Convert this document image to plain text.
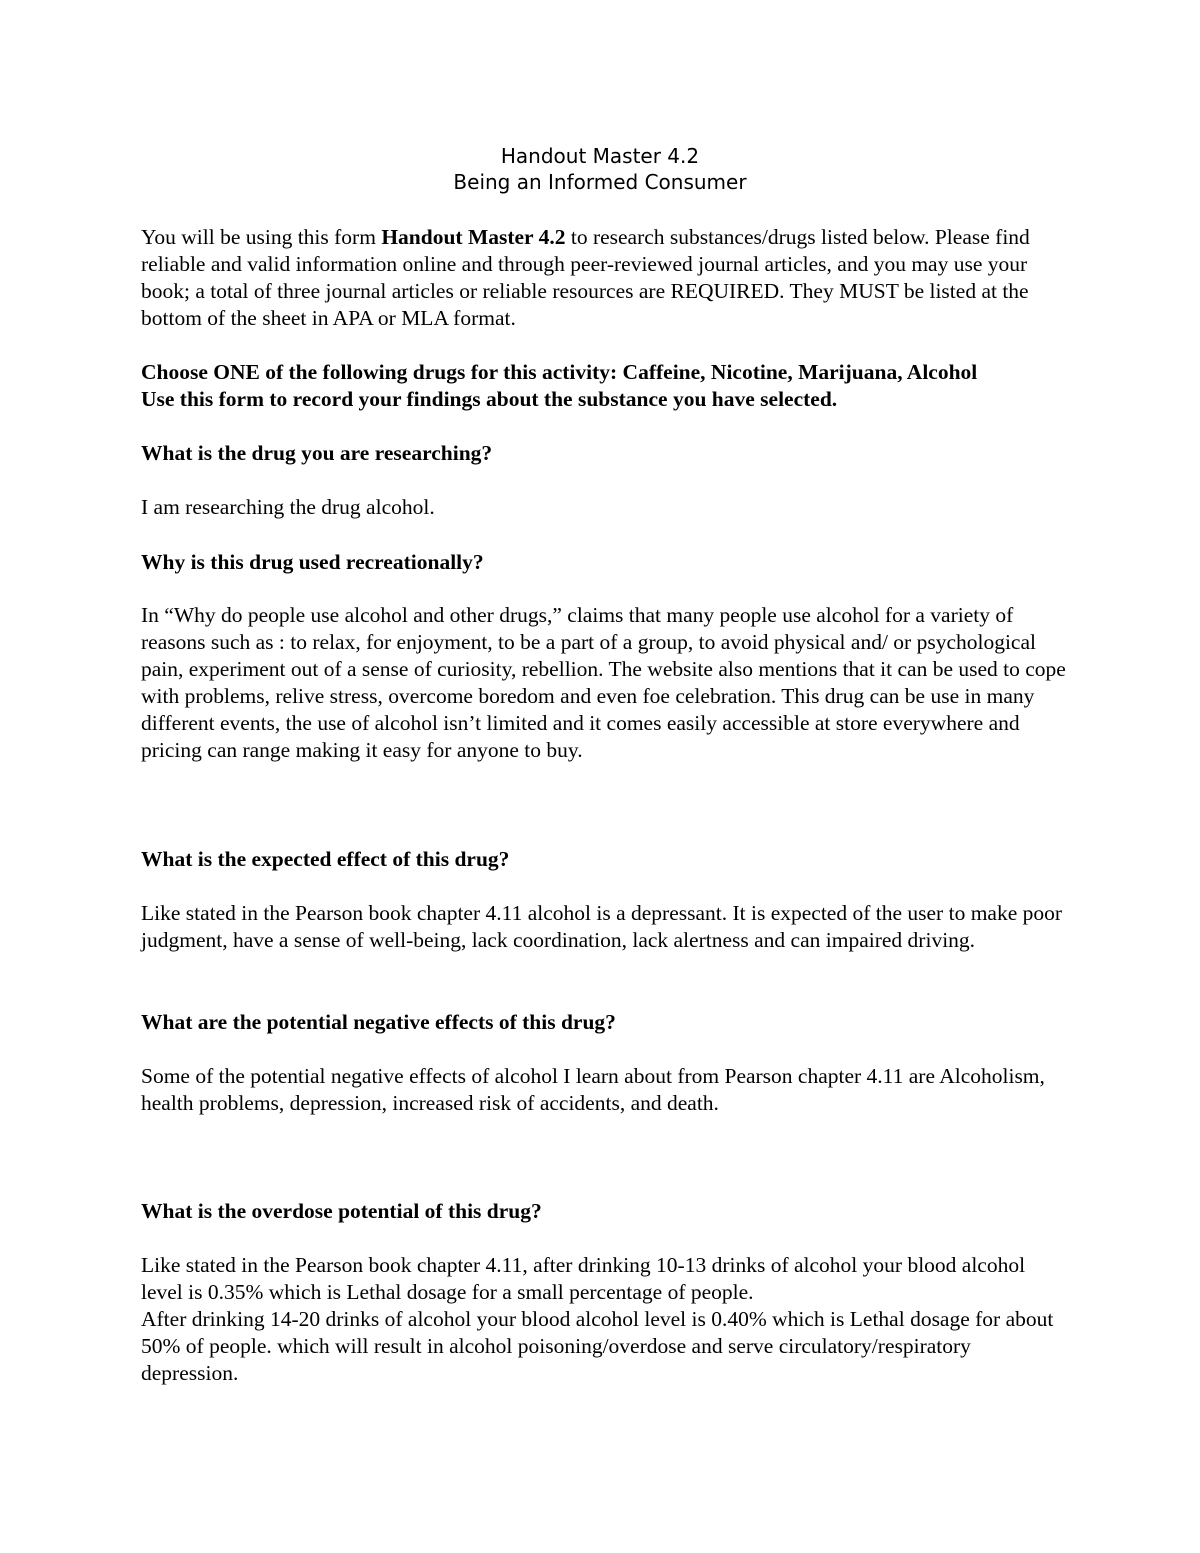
Handout Master 4.2
Being an Informed Consumer

You will be using this form Handout Master 4.2 to research substances/drugs listed below. Please find reliable and valid information online and through peer-reviewed journal articles, and you may use your book; a total of three journal articles or reliable resources are REQUIRED. They MUST be listed at the bottom of the sheet in APA or MLA format.

Choose ONE of the following drugs for this activity: Caffeine, Nicotine, Marijuana, Alcohol
Use this form to record your findings about the substance you have selected.

What is the drug you are researching?

I am researching the drug alcohol.

Why is this drug used recreationally?

In “Why do people use alcohol and other drugs,” claims that many people use alcohol for a variety of reasons such as : to relax, for enjoyment, to be a part of a group, to avoid physical and/ or psychological pain, experiment out of a sense of curiosity, rebellion. The website also mentions that it can be used to cope with problems, relive stress, overcome boredom and even foe celebration. This drug can be use in many different events, the use of alcohol isn’t limited and it comes easily accessible at store everywhere and pricing can range making it easy for anyone to buy.

What is the expected effect of this drug?

Like stated in the Pearson book chapter 4.11 alcohol is a depressant. It is expected of the user to make poor judgment, have a sense of well-being, lack coordination, lack alertness and can impaired driving.

What are the potential negative effects of this drug?

Some of the potential negative effects of alcohol I learn about from Pearson chapter 4.11 are Alcoholism, health problems, depression, increased risk of accidents, and death.

What is the overdose potential of this drug?

Like stated in the Pearson book chapter 4.11, after drinking 10-13 drinks of alcohol your blood alcohol level is 0.35% which is Lethal dosage for a small percentage of people.
After drinking 14-20 drinks of alcohol your blood alcohol level is 0.40% which is Lethal dosage for about 50% of people. which will result in alcohol poisoning/overdose and serve circulatory/respiratory depression.
